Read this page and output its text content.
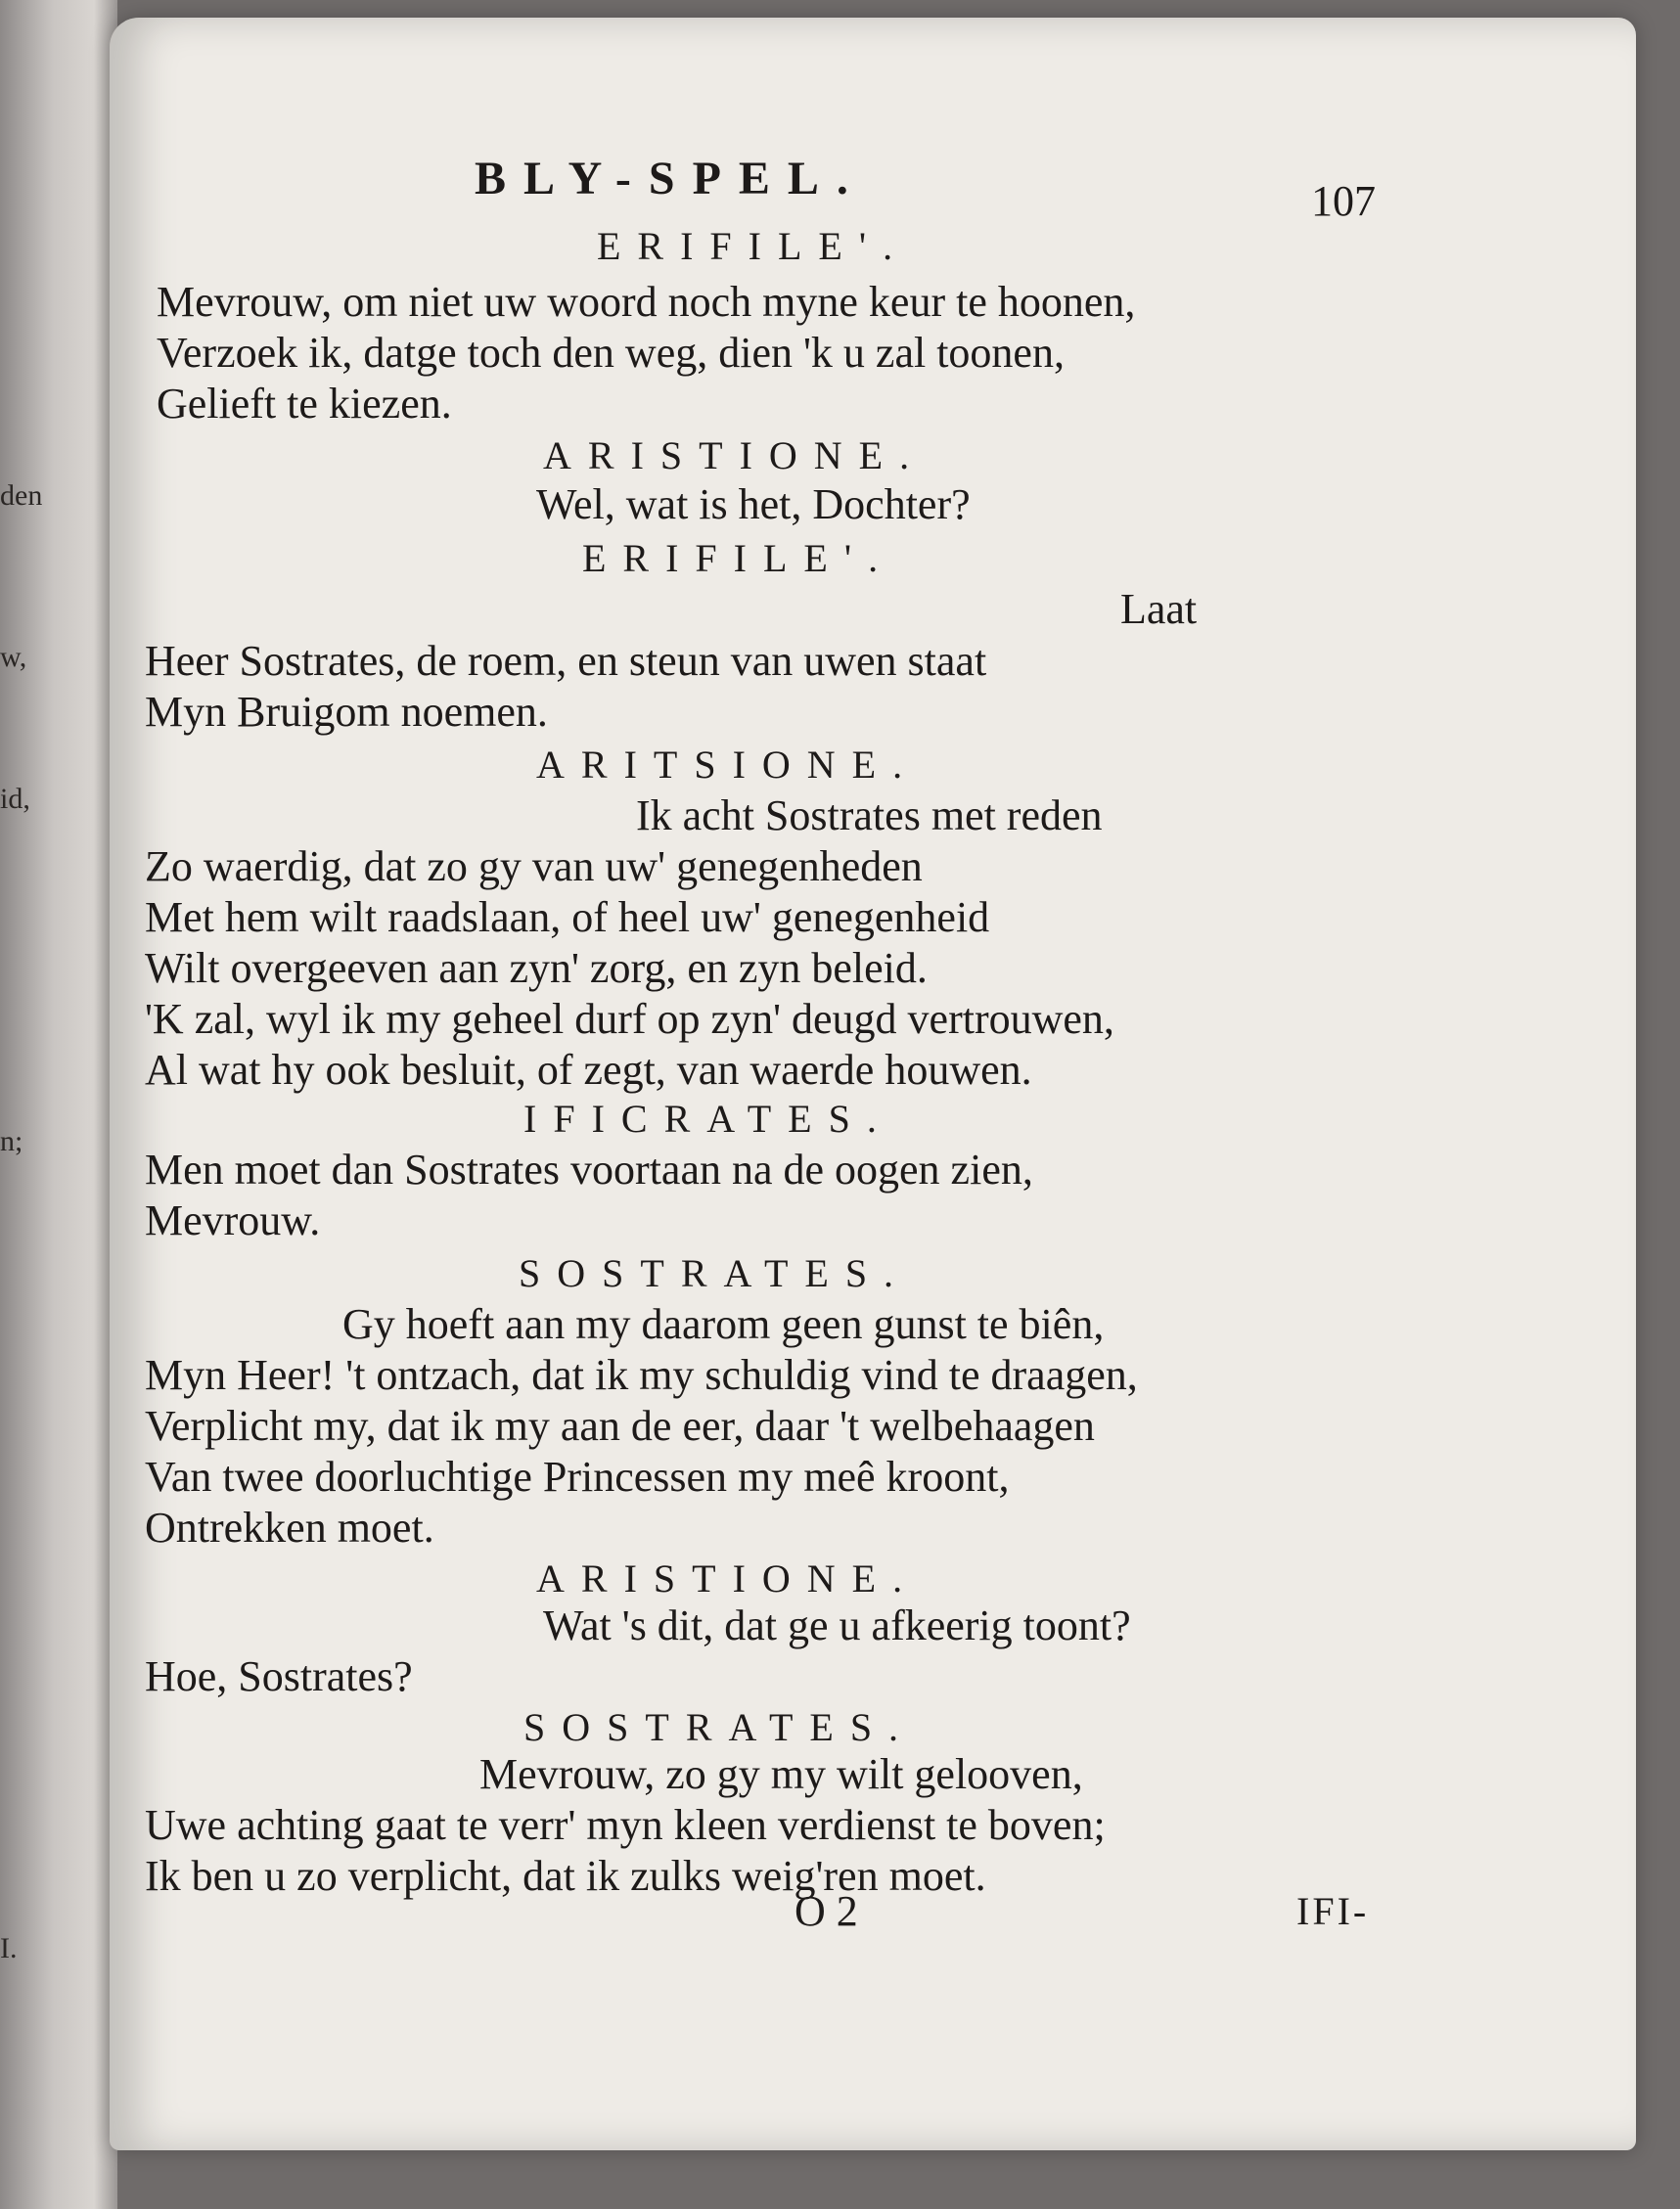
den
w,
id,
n;
I.
BLY-SPEL.	107
ERIFILE'.
Mevrouw, om niet uw woord noch myne keur te hoonen,
Verzoek ik, datge toch den weg, dien 'k u zal toonen,
Gelieft te kiezen.
ARISTIONE.
Wel, wat is het, Dochter?
ERIFILE'.
Laat
Heer Sostrates, de roem, en steun van uwen staat
Myn Bruigom noemen.
ARITSIONE.
Ik acht Sostrates met reden
Zo waerdig, dat zo gy van uw' genegenheden
Met hem wilt raadslaan, of heel uw' genegenheid
Wilt overgeeven aan zyn' zorg, en zyn beleid.
'K zal, wyl ik my geheel durf op zyn' deugd vertrouwen,
Al wat hy ook besluit, of zegt, van waerde houwen.
IFICRATES.
Men moet dan Sostrates voortaan na de oogen zien,
Mevrouw.
SOSTRATES.
Gy hoeft aan my daarom geen gunst te biên,
Myn Heer! 't ontzach, dat ik my schuldig vind te draagen,
Verplicht my, dat ik my aan de eer, daar 't welbehaagen
Van twee doorluchtige Princessen my meê kroont,
Ontrekken moet.
ARISTIONE.
Wat 's dit, dat ge u afkeerig toont?
Hoe, Sostrates?
SOSTRATES.
Mevrouw, zo gy my wilt gelooven,
Uwe achting gaat te verr' myn kleen verdienst te boven;
Ik ben u zo verplicht, dat ik zulks weig'ren moet.
O 2	IFI-
